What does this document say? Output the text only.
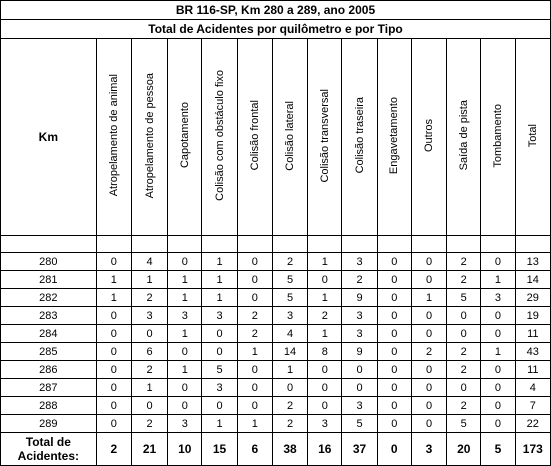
BR 116-SP, Km 280 a 289, ano 2005													
Total de Acidentes por quilômetro e por Tipo													
Km	Atropelamento de animal	Atropelamento de pessoa	Capotamento	Colisão com obstáculo fixo	Colisão frontal	Colisão lateral	Colisão transversal	Colisão traseira	Engavetamento	Outros	Saída de pista	Tombamento	Total

280	0	4	0	1	0	2	1	3	0	0	2	0	13
281	1	1	1	1	0	5	0	2	0	0	2	1	14
282	1	2	1	1	0	5	1	9	0	1	5	3	29
283	0	3	3	3	2	3	2	3	0	0	0	0	19
284	0	0	1	0	2	4	1	3	0	0	0	0	11
285	0	6	0	0	1	14	8	9	0	2	2	1	43
286	0	2	1	5	0	1	0	0	0	0	2	0	11
287	0	1	0	3	0	0	0	0	0	0	0	0	4
288	0	0	0	0	0	2	0	3	0	0	2	0	7
289	0	2	3	1	1	2	3	5	0	0	5	0	22
Total de
Acidentes:	2	21	10	15	6	38	16	37	0	3	20	5	173
